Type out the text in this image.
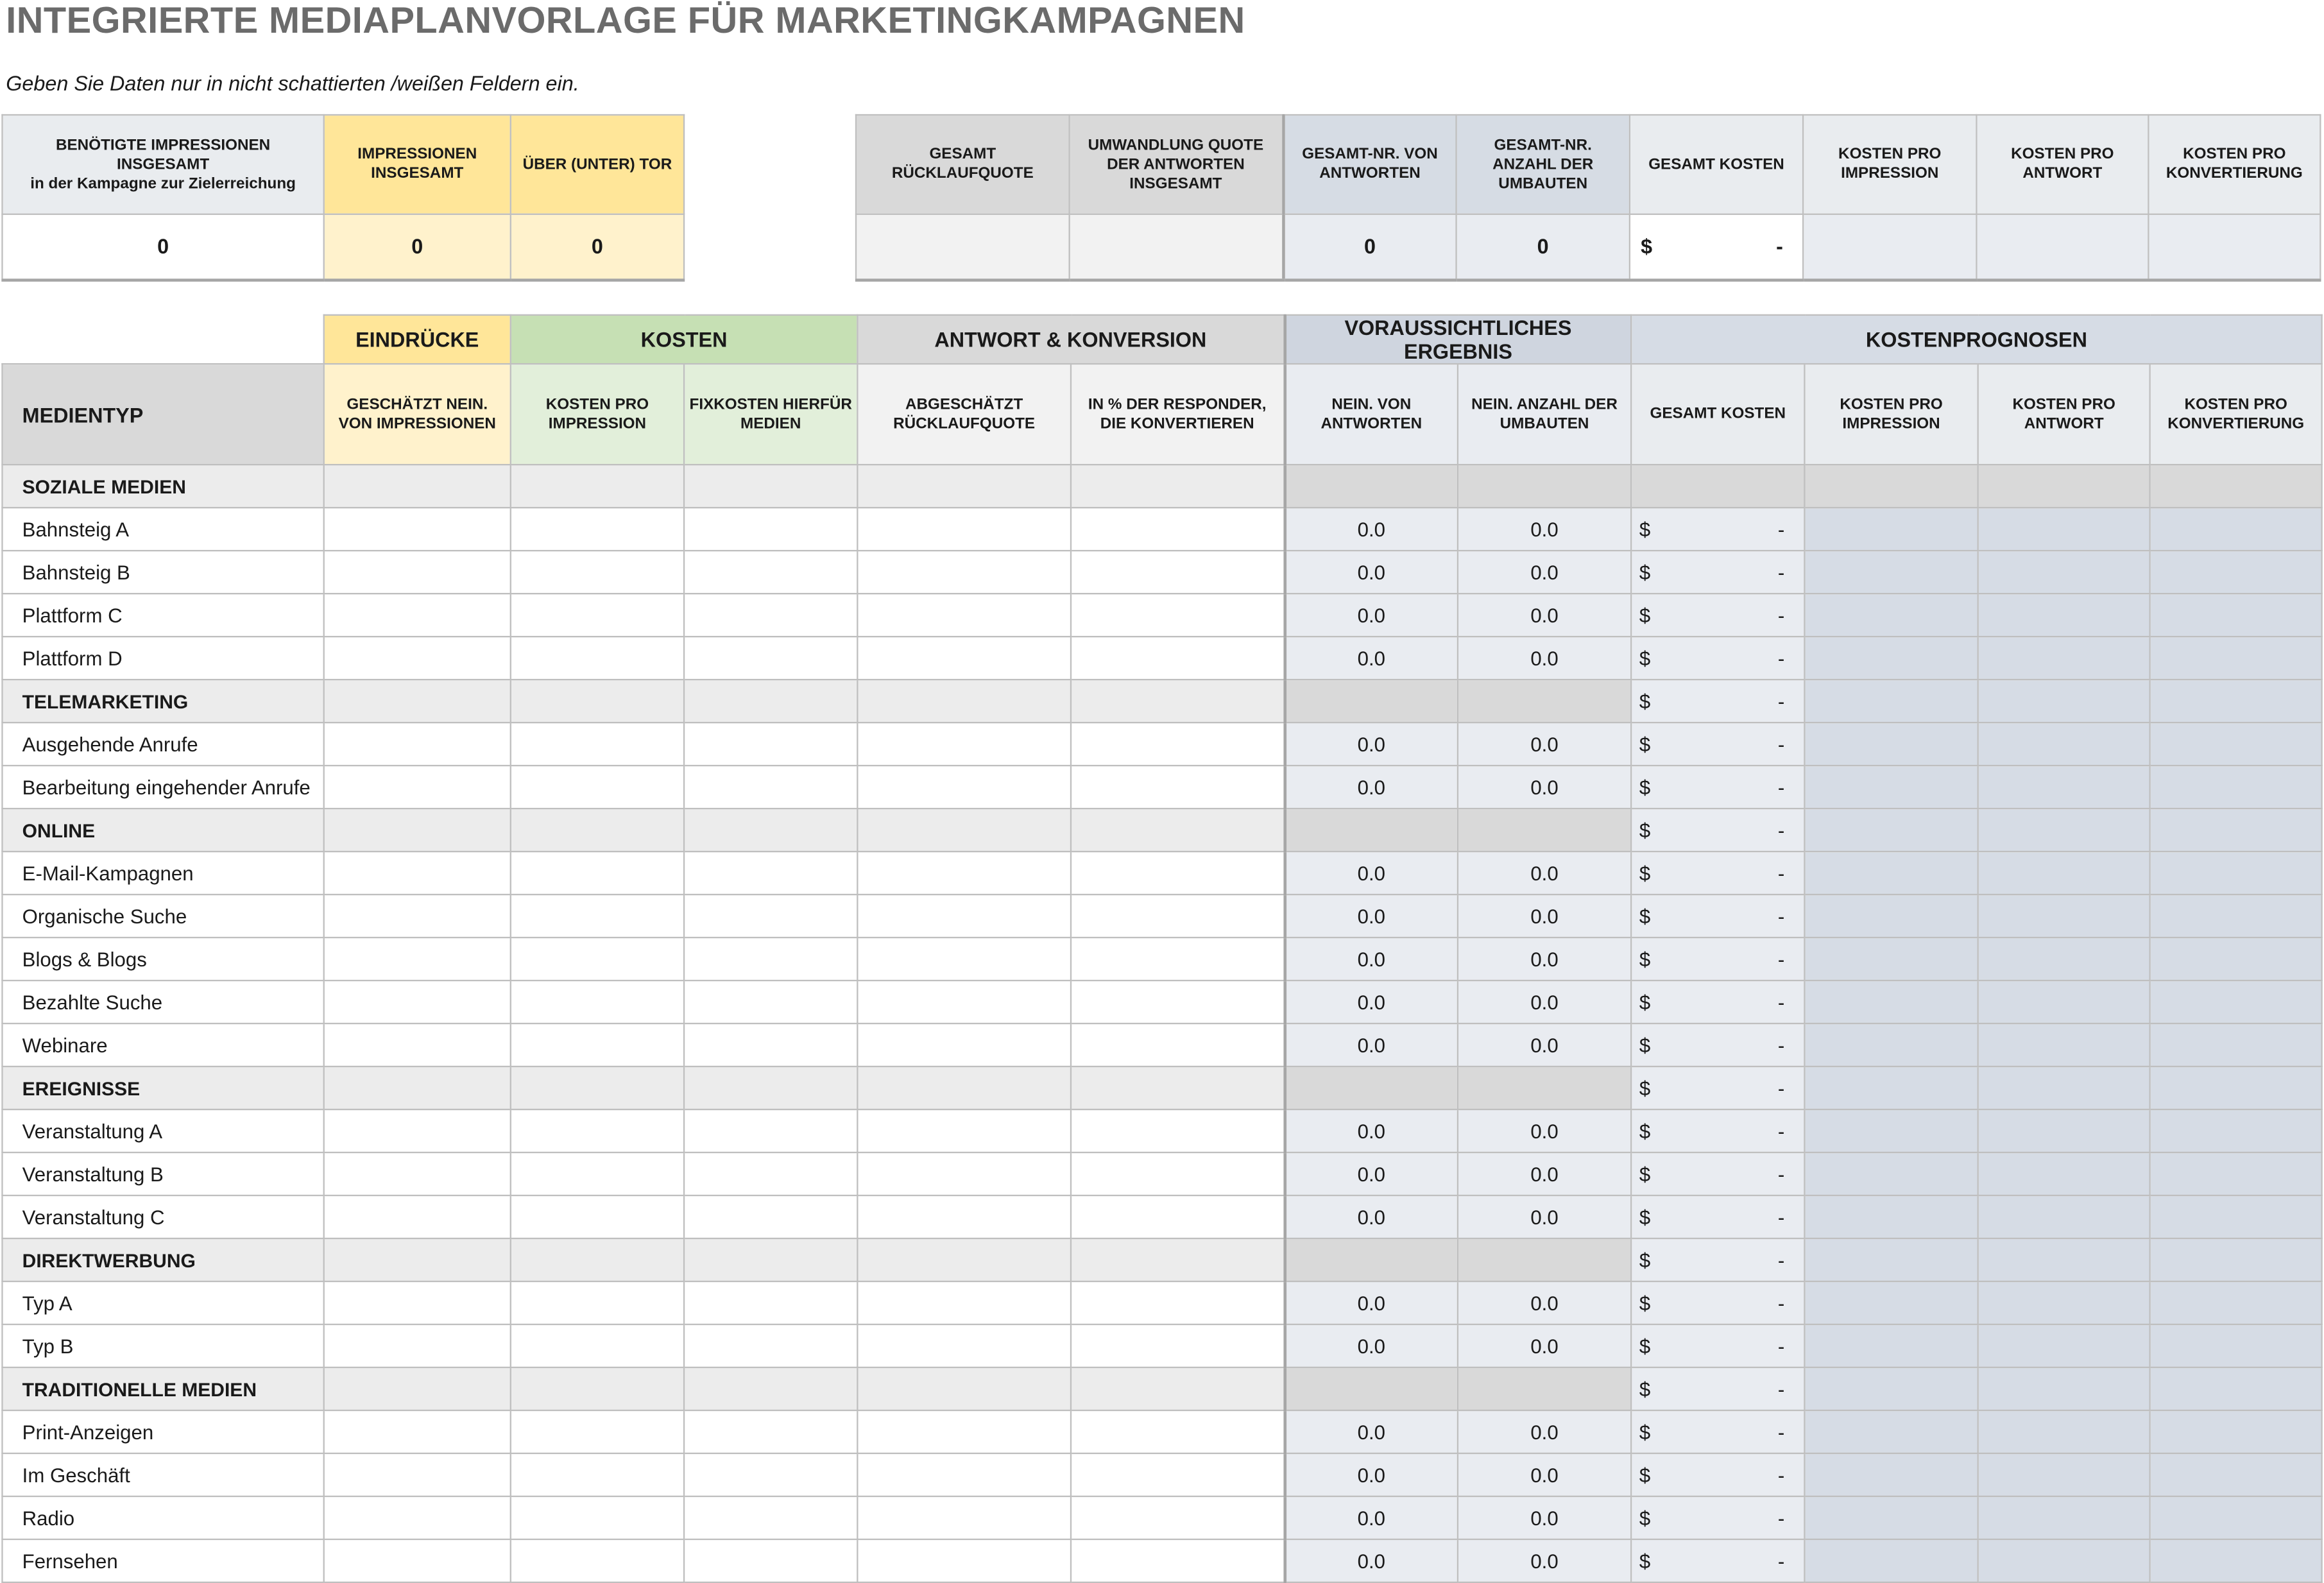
INTEGRIERTE MEDIAPLANVORLAGE FÜR MARKETINGKAMPAGNEN
Geben Sie Daten nur in nicht schattierten /weißen Feldern ein.
BENÖTIGTE IMPRESSIONEN INSGESAMT
in der Kampagne zur Zielerreichung	IMPRESSIONEN INSGESAMT	ÜBER (UNTER) TOR
0	0	0
GESAMT RÜCKLAUFQUOTE	UMWANDLUNG QUOTE DER ANTWORTEN INSGESAMT	GESAMT-NR. VON ANTWORTEN	GESAMT-NR. ANZAHL DER UMBAUTEN	GESAMT KOSTEN	KOSTEN PRO IMPRESSION	KOSTEN PRO ANTWORT	KOSTEN PRO KONVERTIERUNG
		0	0	$ -			

	EINDRÜCKE	KOSTEN		ANTWORT & KONVERSION		VORAUSSICHTLICHES ERGEBNIS		KOSTENPROGNOSEN			
MEDIENTYP	GESCHÄTZT NEIN. VON IMPRESSIONEN	KOSTEN PRO IMPRESSION	FIXKOSTEN HIERFÜR MEDIEN	ABGESCHÄTZT RÜCKLAUFQUOTE	IN % DER RESPONDER, DIE KONVERTIEREN	NEIN. VON ANTWORTEN	NEIN. ANZAHL DER UMBAUTEN	GESAMT KOSTEN	KOSTEN PRO IMPRESSION	KOSTEN PRO ANTWORT	KOSTEN PRO KONVERTIERUNG
SOZIALE MEDIEN											
Bahnsteig A						0.0	0.0	$ -			

Bahnsteig B						0.0	0.0	$ -			

Plattform C						0.0	0.0	$ -			

Plattform D						0.0	0.0	$ -			

TELEMARKETING								$ -			

Ausgehende Anrufe						0.0	0.0	$ -			

Bearbeitung eingehender Anrufe						0.0	0.0	$ -			

ONLINE								$ -			

E-Mail-Kampagnen						0.0	0.0	$ -			

Organische Suche						0.0	0.0	$ -			

Blogs & Blogs						0.0	0.0	$ -			

Bezahlte Suche						0.0	0.0	$ -			

Webinare						0.0	0.0	$ -			

EREIGNISSE								$ -			

Veranstaltung A						0.0	0.0	$ -			

Veranstaltung B						0.0	0.0	$ -			

Veranstaltung C						0.0	0.0	$ -			

DIREKTWERBUNG								$ -			

Typ A						0.0	0.0	$ -			

Typ B						0.0	0.0	$ -			

TRADITIONELLE MEDIEN								$ -			

Print-Anzeigen						0.0	0.0	$ -			

Im Geschäft						0.0	0.0	$ -			

Radio						0.0	0.0	$ -			

Fernsehen						0.0	0.0	$ -			
